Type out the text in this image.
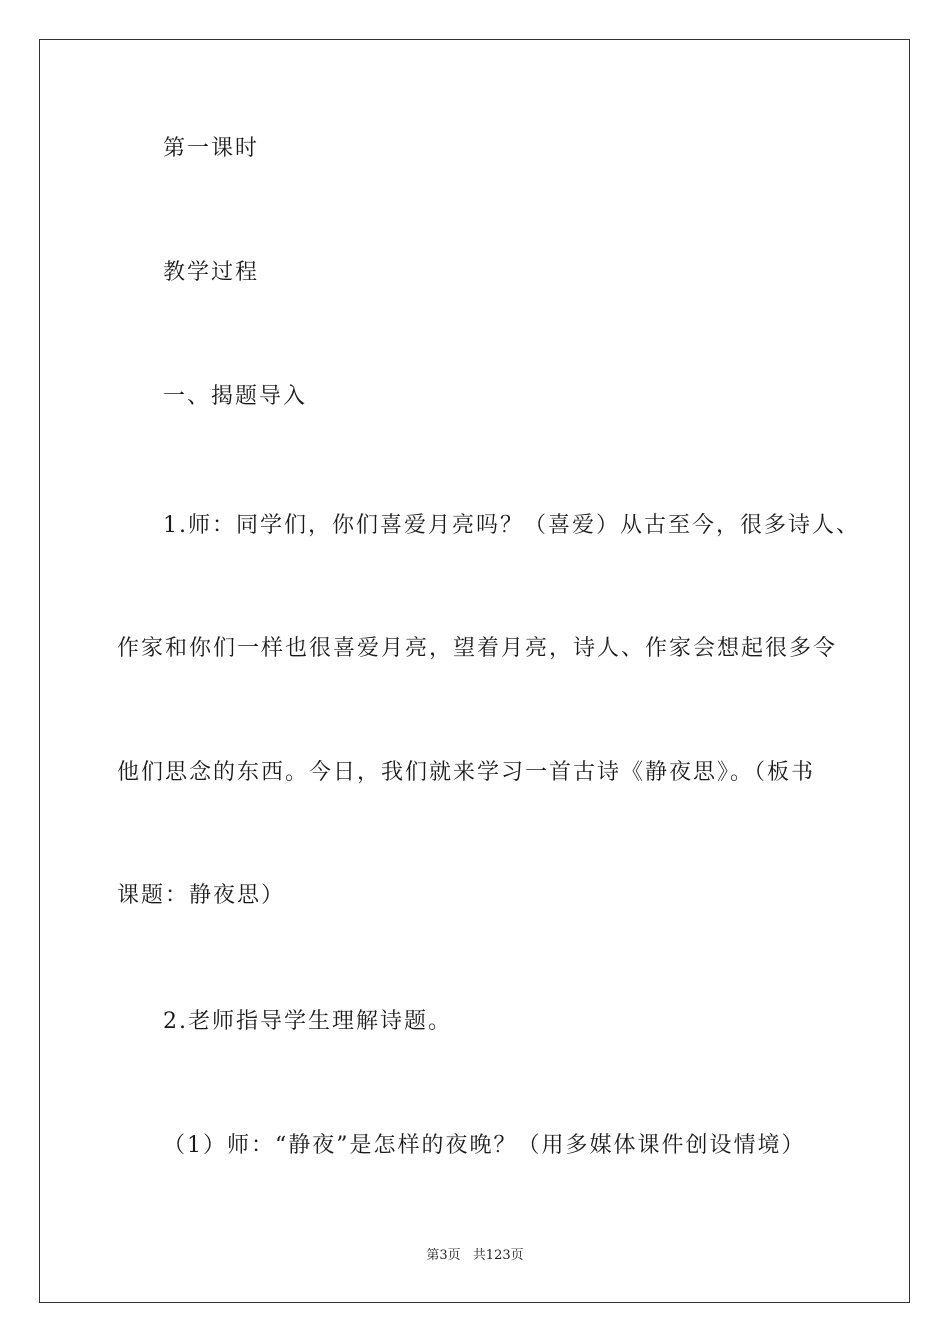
第一课时
教学过程
一、揭题导入
1.师：同学们，你们喜爱月亮吗？（喜爱）从古至今，很多诗人、
作家和你们一样也很喜爱月亮，望着月亮，诗人、作家会想起很多令
他们思念的东西。今日，我们就来学习一首古诗《静夜思》。（板书
课题：静夜思）
2.老师指导学生理解诗题。
（1）师：“静夜”是怎样的夜晚？（用多媒体课件创设情境）
第3页 共123页
